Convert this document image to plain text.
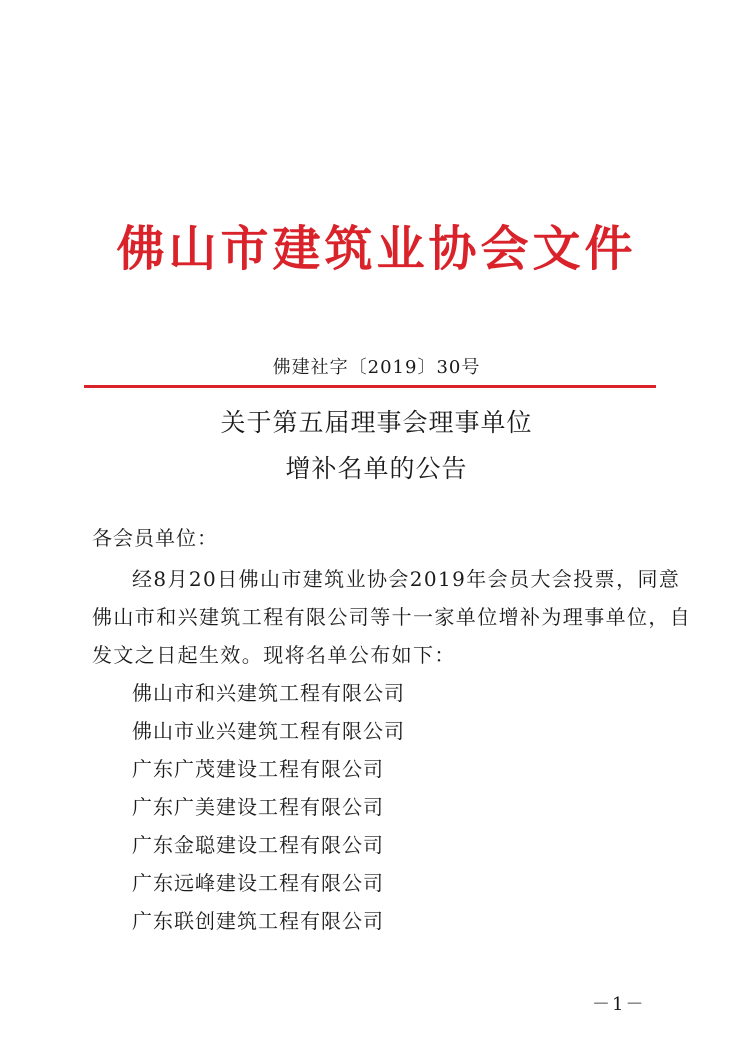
佛山市建筑业协会文件
佛建社字〔2019〕30号
关于第五届理事会理事单位
增补名单的公告
各会员单位：
经8月20日佛山市建筑业协会2019年会员大会投票，同意
佛山市和兴建筑工程有限公司等十一家单位增补为理事单位，自
发文之日起生效。现将名单公布如下：
佛山市和兴建筑工程有限公司
佛山市业兴建筑工程有限公司
广东广茂建设工程有限公司
广东广美建设工程有限公司
广东金聪建设工程有限公司
广东远峰建设工程有限公司
广东联创建筑工程有限公司
－1－
